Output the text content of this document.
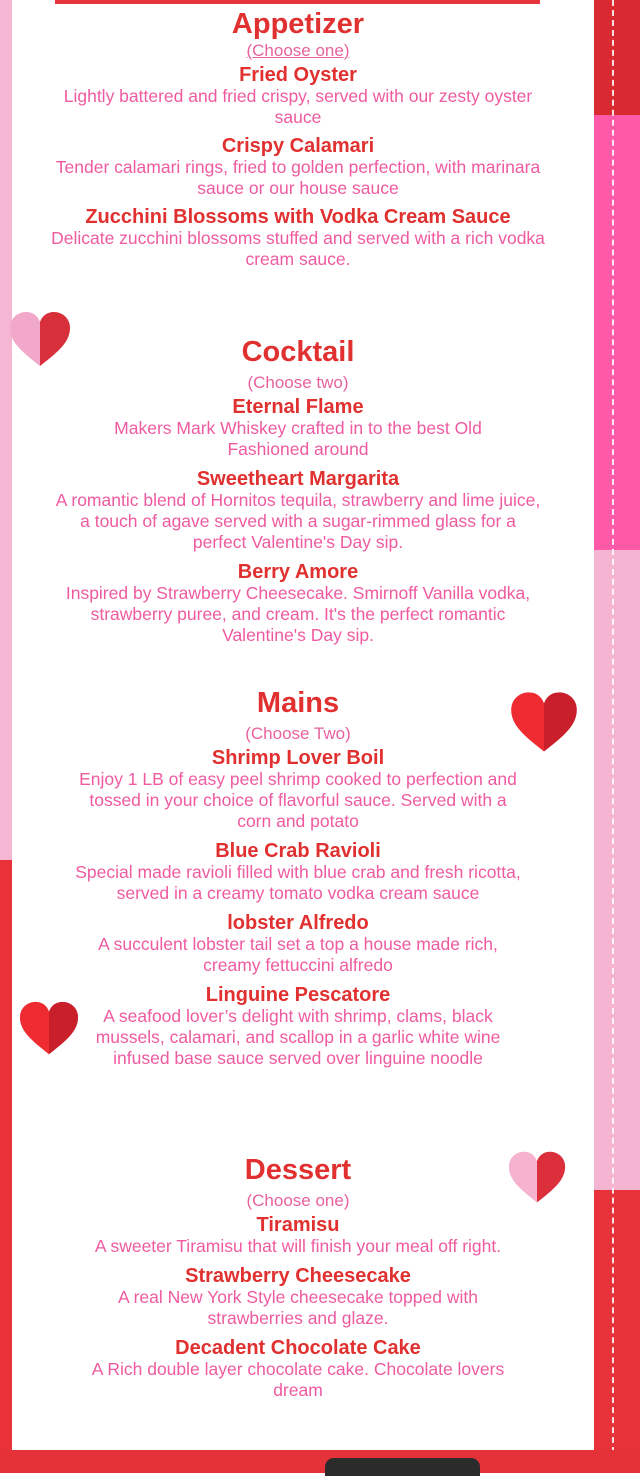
Appetizer

(Choose one)

Fried Oyster

Lightly battered and fried crispy, served with our zesty oyster sauce

Crispy Calamari

Tender calamari rings, fried to golden perfection, with marinara sauce or our house sauce

Zucchini Blossoms with Vodka Cream Sauce

Delicate zucchini blossoms stuffed and served with a rich vodka cream sauce.

Cocktail

(Choose two)

Eternal Flame

Makers Mark Whiskey crafted in to the best Old Fashioned around

Sweetheart Margarita

A romantic blend of Hornitos tequila, strawberry and lime juice, a touch of agave served with a sugar-rimmed glass for a perfect Valentine's Day sip.

Berry Amore

Inspired by Strawberry Cheesecake. Smirnoff Vanilla vodka, strawberry puree, and cream. It's the perfect romantic Valentine's Day sip.

Mains

(Choose Two)

Shrimp Lover Boil

Enjoy 1 LB of easy peel shrimp cooked to perfection and tossed in your choice of flavorful sauce. Served with a corn and potato

Blue Crab Ravioli

Special made ravioli filled with blue crab and fresh ricotta, served in a creamy tomato vodka cream sauce

lobster Alfredo

A succulent lobster tail set a top a house made rich, creamy fettuccini alfredo

Linguine Pescatore

A seafood lover’s delight with shrimp, clams, black mussels, calamari, and scallop in a garlic white wine infused base sauce served over linguine noodle

Dessert

(Choose one)

Tiramisu

A sweeter Tiramisu that will finish your meal off right.

Strawberry Cheesecake

A real New York Style cheesecake topped with strawberries and glaze.

Decadent Chocolate Cake

A Rich double layer chocolate cake. Chocolate lovers dream
